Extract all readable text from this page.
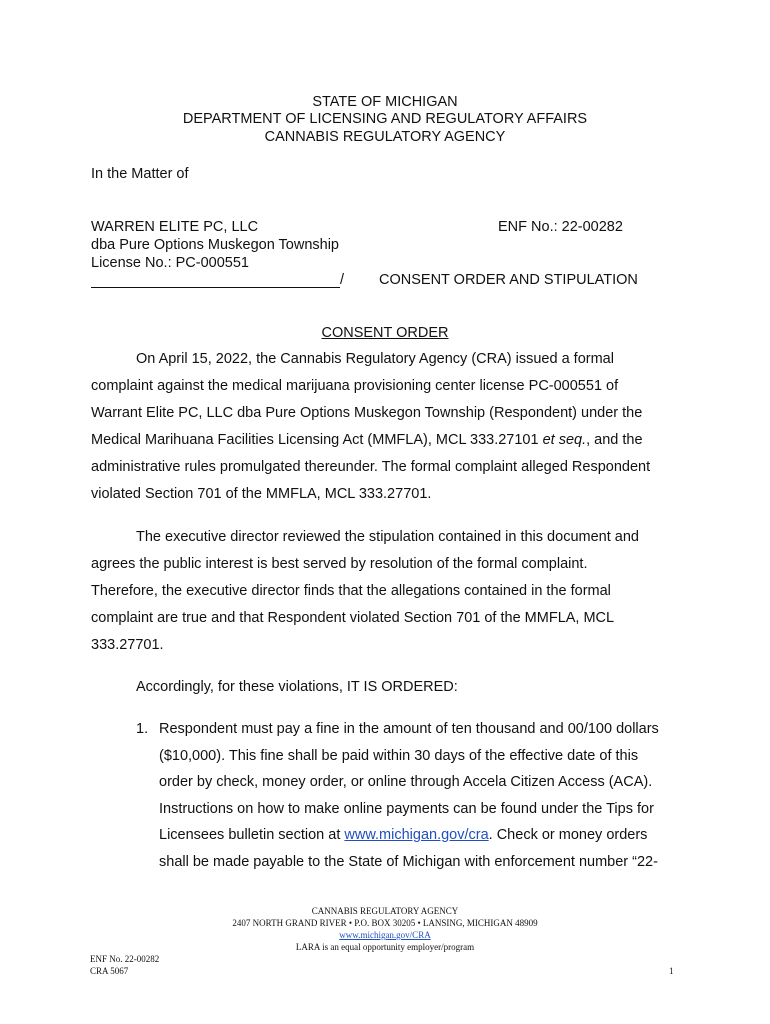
STATE OF MICHIGAN
DEPARTMENT OF LICENSING AND REGULATORY AFFAIRS
CANNABIS REGULATORY AGENCY
In the Matter of
WARREN ELITE PC, LLC
dba Pure Options Muskegon Township
License No.: PC-000551
/
ENF No.: 22-00282
CONSENT ORDER AND STIPULATION
CONSENT ORDER

On April 15, 2022, the Cannabis Regulatory Agency (CRA) issued a formal

complaint against the medical marijuana provisioning center license PC-000551 of

Warrant Elite PC, LLC dba Pure Options Muskegon Township (Respondent) under the

Medical Marihuana Facilities Licensing Act (MMFLA), MCL 333.27101 et seq., and the

administrative rules promulgated thereunder. The formal complaint alleged Respondent

violated Section 701 of the MMFLA, MCL 333.27701.

The executive director reviewed the stipulation contained in this document and

agrees the public interest is best served by resolution of the formal complaint.

Therefore, the executive director finds that the allegations contained in the formal

complaint are true and that Respondent violated Section 701 of the MMFLA, MCL

333.27701.

Accordingly, for these violations, IT IS ORDERED:

1. Respondent must pay a fine in the amount of ten thousand and 00/100 dollars
($10,000). This fine shall be paid within 30 days of the effective date of this
order by check, money order, or online through Accela Citizen Access (ACA).
Instructions on how to make online payments can be found under the Tips for
Licensees bulletin section at www.michigan.gov/cra. Check or money orders
shall be made payable to the State of Michigan with enforcement number “22-
CANNABIS REGULATORY AGENCY
2407 NORTH GRAND RIVER • P.O. BOX 30205 • LANSING, MICHIGAN 48909
www.michigan.gov/CRA
LARA is an equal opportunity employer/program
ENF No. 22-00282
CRA 5067	1
